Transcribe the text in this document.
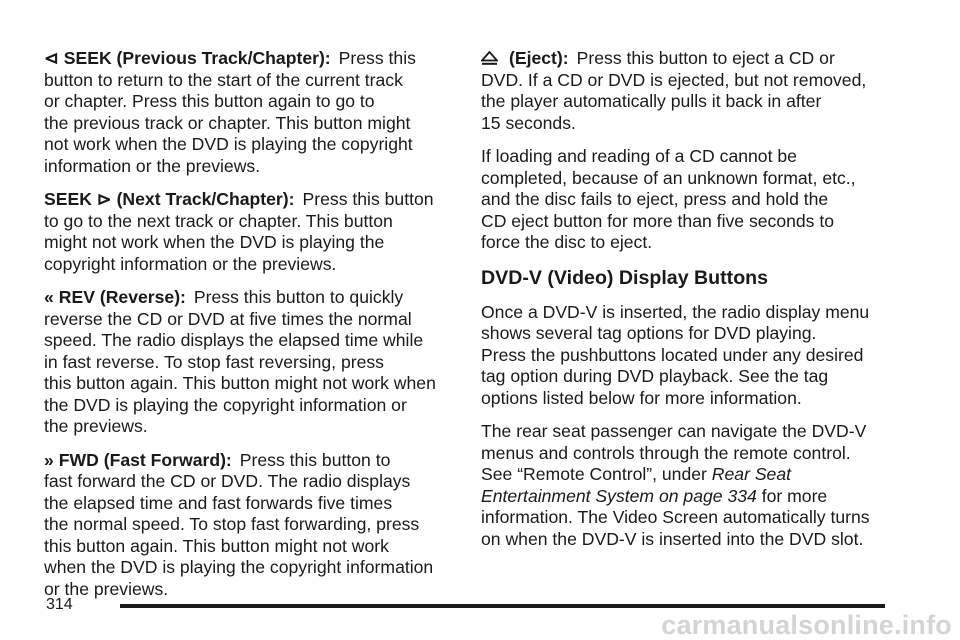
⊲ SEEK (Previous Track/Chapter): Press this
button to return to the start of the current track
or chapter. Press this button again to go to
the previous track or chapter. This button might
not work when the DVD is playing the copyright
information or the previews.

SEEK ⊳ (Next Track/Chapter): Press this button
to go to the next track or chapter. This button
might not work when the DVD is playing the
copyright information or the previews.

« REV (Reverse): Press this button to quickly
reverse the CD or DVD at five times the normal
speed. The radio displays the elapsed time while
in fast reverse. To stop fast reversing, press
this button again. This button might not work when
the DVD is playing the copyright information or
the previews.

» FWD (Fast Forward): Press this button to
fast forward the CD or DVD. The radio displays
the elapsed time and fast forwards five times
the normal speed. To stop fast forwarding, press
this button again. This button might not work
when the DVD is playing the copyright information
or the previews.

(Eject): Press this button to eject a CD or
DVD. If a CD or DVD is ejected, but not removed,
the player automatically pulls it back in after
15 seconds.

If loading and reading of a CD cannot be
completed, because of an unknown format, etc.,
and the disc fails to eject, press and hold the
CD eject button for more than five seconds to
force the disc to eject.

DVD-V (Video) Display Buttons

Once a DVD-V is inserted, the radio display menu
shows several tag options for DVD playing.
Press the pushbuttons located under any desired
tag option during DVD playback. See the tag
options listed below for more information.

The rear seat passenger can navigate the DVD-V
menus and controls through the remote control.
See “Remote Control”, under Rear Seat
Entertainment System on page 334 for more
information. The Video Screen automatically turns
on when the DVD-V is inserted into the DVD slot.

314
carmanualsonline.info
